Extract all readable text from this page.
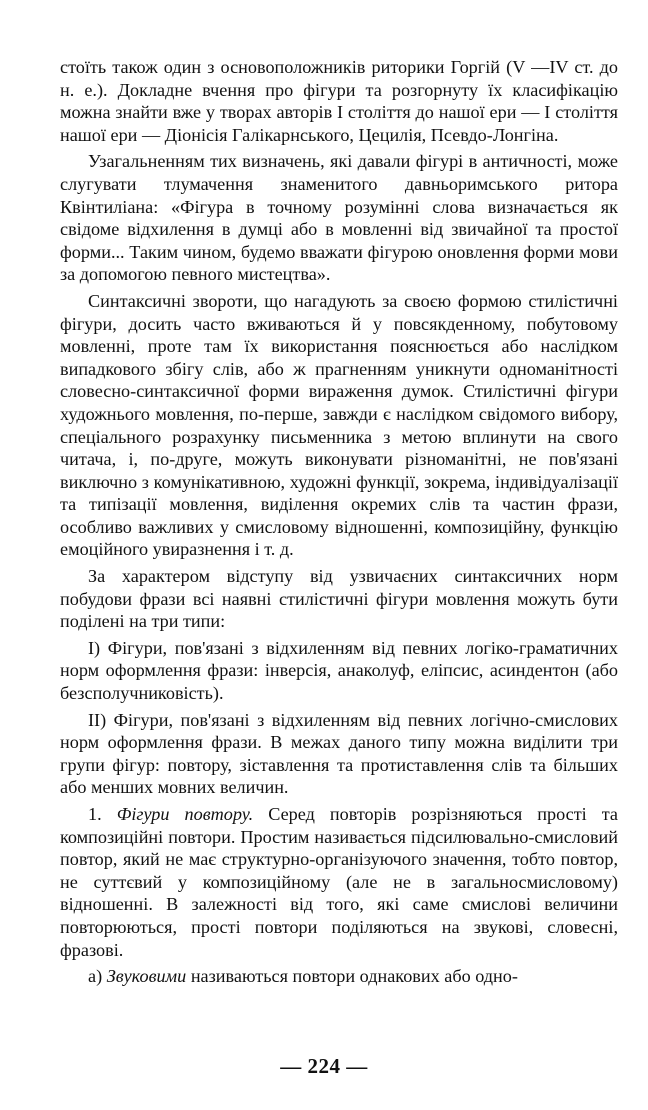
стоїть також один з основоположників риторики Горгій (V —IV ст. до н. е.). Докладне вчення про фігури та розгорнуту їх класифікацію можна знайти вже у творах авторів І століття до нашої ери — І століття нашої ери — Діонісія Галікарнського, Цецилія, Псевдо-Лонгіна.

Узагальненням тих визначень, які давали фігурі в античності, може слугувати тлумачення знаменитого давньоримського ритора Квінтиліана: «Фігура в точному розумінні слова визначається як свідоме відхилення в думці або в мовленні від звичайної та простої форми... Таким чином, будемо вважати фігурою оновлення форми мови за допомогою певного мистецтва».

Синтаксичні звороти, що нагадують за своєю формою стилістичні фігури, досить часто вживаються й у повсякденному, побутовому мовленні, проте там їх використання пояснюється або наслідком випадкового збігу слів, або ж прагненням уникнути одноманітності словесно-синтаксичної форми вираження думок. Стилістичні фігури художнього мовлення, по-перше, завжди є наслідком свідомого вибору, спеціального розрахунку письменника з метою вплинути на свого читача, і, по-друге, можуть виконувати різноманітні, не пов'язані виключно з комунікативною, художні функції, зокрема, індивідуалізації та типізації мовлення, виділення окремих слів та частин фрази, особливо важливих у смисловому відношенні, композиційну, функцію емоційного увиразнення і т. д.

За характером відступу від узвичаєних синтаксичних норм побудови фрази всі наявні стилістичні фігури мовлення можуть бути поділені на три типи:

І) Фігури, пов'язані з відхиленням від певних логіко-граматичних норм оформлення фрази: інверсія, анаколуф, еліпсис, асиндентон (або безсполучниковість).

ІІ) Фігури, пов'язані з відхиленням від певних логічно-смислових норм оформлення фрази. В межах даного типу можна виділити три групи фігур: повтору, зіставлення та протиставлення слів та більших або менших мовних величин.

1. Фігури повтору. Серед повторів розрізняються прості та композиційні повтори. Простим називається підсилювально-смисловий повтор, який не має структурно-організуючого значення, тобто повтор, не суттєвий у композиційному (але не в загальносмисловому) відношенні. В залежності від того, які саме смислові величини повторюються, прості повтори поділяються на звукові, словесні, фразові.

а) Звуковими називаються повтори однакових або одно-

— 224 —
